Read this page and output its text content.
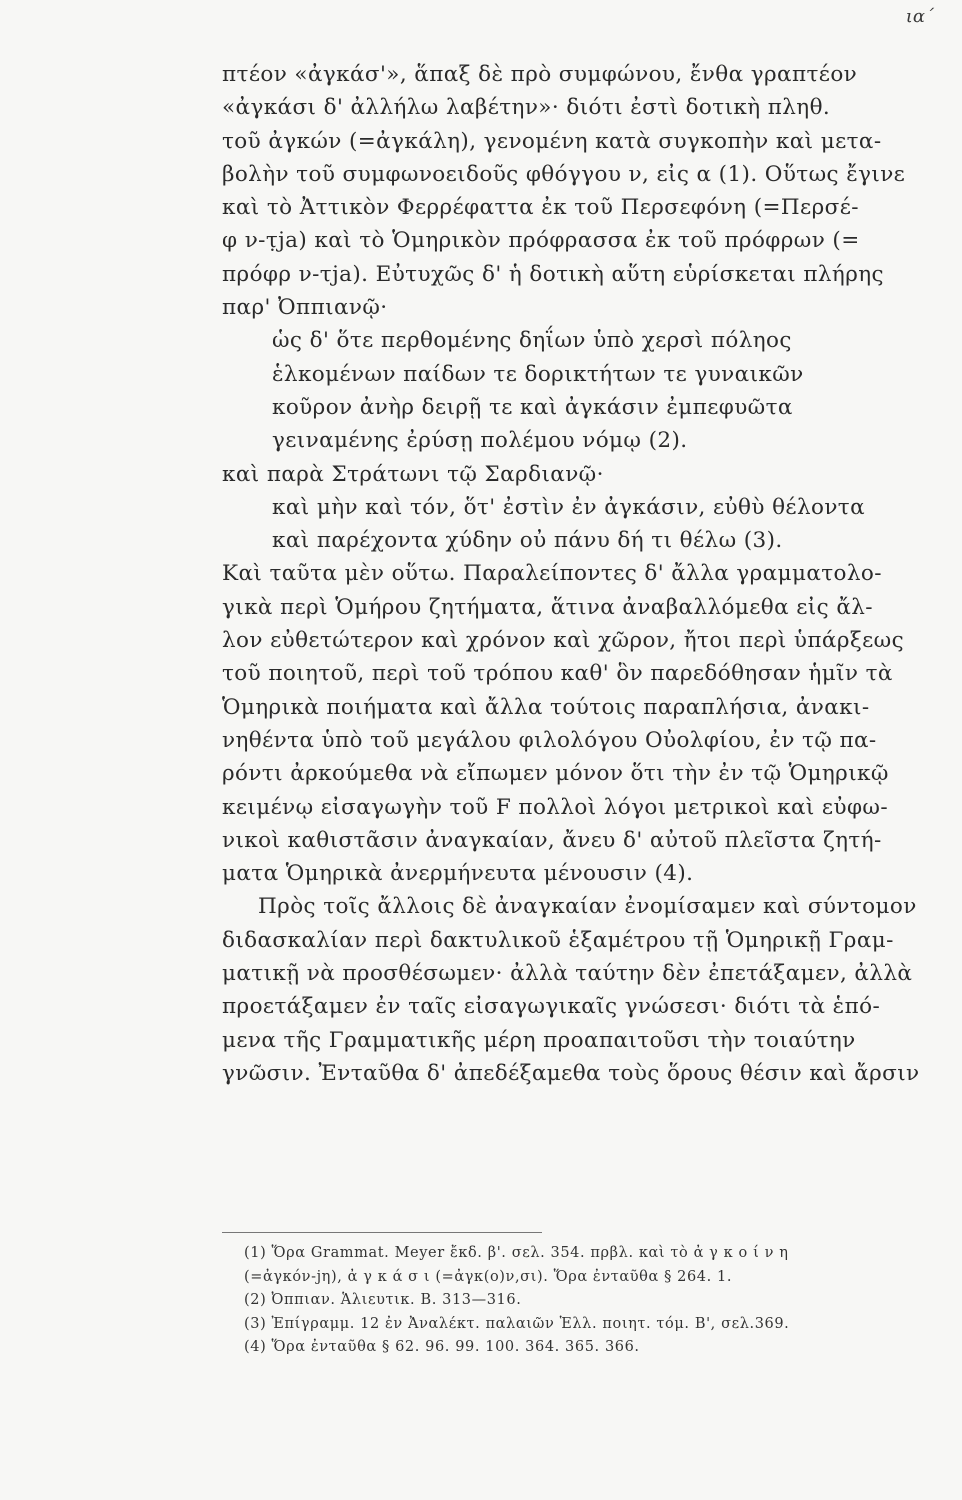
ια΄
πτέον «ἀγκάσ'», ἅπαξ δὲ πρὸ συμφώνου, ἔνθα γραπτέον
«ἀγκάσι δ' ἀλλήλω λαβέτην»· διότι ἐστὶ δοτικὴ πληθ.
τοῦ ἀγκών (=ἀγκάλη), γενομένη κατὰ συγκοπὴν καὶ μετα-
βολὴν τοῦ συμφωνοειδοῦς φθόγγου ν, εἰς α (1). Οὕτως ἔγινε
καὶ τὸ Ἀττικὸν Φερρέφαττα ἐκ τοῦ Περσεφόνη (=Περσέ-
φ ν-τ̣ja) καὶ τὸ Ὁμηρικὸν πρόφρασσα ἐκ τοῦ πρόφρων (=
πρόφρ ν-τja). Εὐτυχῶς δ' ἡ δοτικὴ αὕτη εὑρίσκεται πλήρης
παρ' Ὀππιανῷ·
ὡς δ' ὅτε περθομένης δηΐων ὑπὸ χερσὶ πόληος
ἑλκομένων παίδων τε δορικτήτων τε γυναικῶν
κοῦρον ἀνὴρ δειρῇ τε καὶ ἀγκάσιν ἐμπεφυῶτα
γειναμένης ἐρύσῃ πολέμου νόμῳ (2).
καὶ παρὰ Στράτωνι τῷ Σαρδιανῷ·
καὶ μὴν καὶ τόν, ὅτ' ἐστὶν ἐν ἀγκάσιν, εὐθὺ θέλοντα
καὶ παρέχοντα χύδην οὐ πάνυ δή τι θέλω (3).
Καὶ ταῦτα μὲν οὕτω. Παραλείποντες δ' ἄλλα γραμματολο-
γικὰ περὶ Ὁμήρου ζητήματα, ἅτινα ἀναβαλλόμεθα εἰς ἄλ-
λον εὐθετώτερον καὶ χρόνον καὶ χῶρον, ἤτοι περὶ ὑπάρξεως
τοῦ ποιητοῦ, περὶ τοῦ τρόπου καθ' ὃν παρεδόθησαν ἡμῖν τὰ
Ὁμηρικὰ ποιήματα καὶ ἄλλα τούτοις παραπλήσια, ἀνακι-
νηθέντα ὑπὸ τοῦ μεγάλου φιλολόγου Οὐολφίου, ἐν τῷ πα-
ρόντι ἀρκούμεθα νὰ εἴπωμεν μόνον ὅτι τὴν ἐν τῷ Ὁμηρικῷ
κειμένῳ εἰσαγωγὴν τοῦ F πολλοὶ λόγοι μετρικοὶ καὶ εὐφω-
νικοὶ καθιστᾶσιν ἀναγκαίαν, ἄνευ δ' αὐτοῦ πλεῖστα ζητή-
ματα Ὁμηρικὰ ἀνερμήνευτα μένουσιν (4).
Πρὸς τοῖς ἄλλοις δὲ ἀναγκαίαν ἐνομίσαμεν καὶ σύντομον
διδασκαλίαν περὶ δακτυλικοῦ ἑξαμέτρου τῇ Ὁμηρικῇ Γραμ-
ματικῇ νὰ προσθέσωμεν· ἀλλὰ ταύτην δὲν ἐπετάξαμεν, ἀλλὰ
προετάξαμεν ἐν ταῖς εἰσαγωγικαῖς γνώσεσι· διότι τὰ ἑπό-
μενα τῆς Γραμματικῆς μέρη προαπαιτοῦσι τὴν τοιαύτην
γνῶσιν. Ἐνταῦθα δ' ἀπεδέξαμεθα τοὺς ὅρους θέσιν καὶ ἄρσιν
(1) Ὅρα Grammat. Meyer ἔκδ. β'. σελ. 354. πρβλ. καὶ τὸ ἀ γ κ ο ί ν η
(=ἀγκόν-jη), ἀ γ κ ά σ ι (=ἀγκ(ο)ν,σι). Ὅρα ἐνταῦθα § 264. 1.
(2) Ὀππιαν. Ἁλιευτικ. Β. 313—316.
(3) Ἐπίγραμμ. 12 ἐν Ἀναλέκτ. παλαιῶν Ἑλλ. ποιητ. τόμ. Β', σελ.369.
(4) Ὅρα ἐνταῦθα § 62. 96. 99. 100. 364. 365. 366.
